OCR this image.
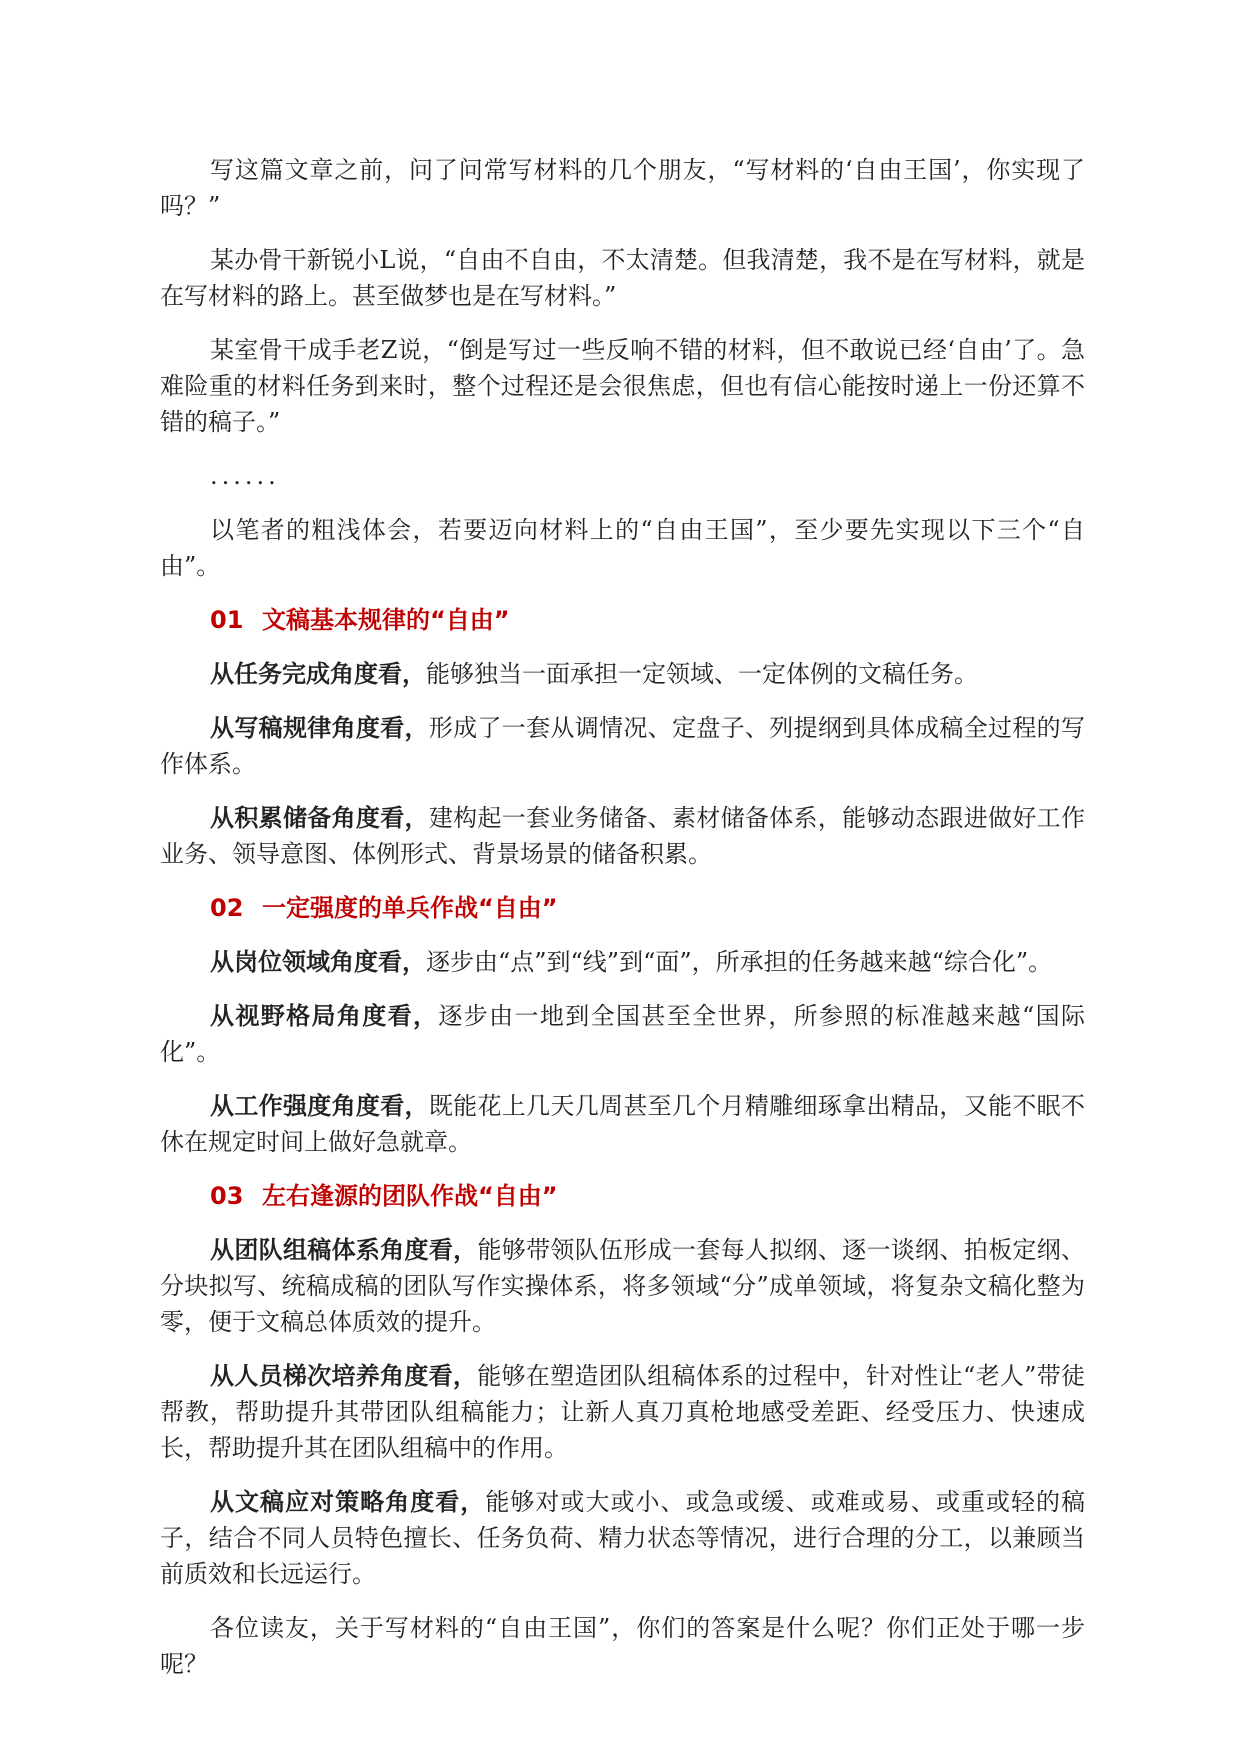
写这篇文章之前，问了问常写材料的几个朋友，“写材料的‘自由王国’，你实现了吗？”

某办骨干新锐小L说，“自由不自由，不太清楚。但我清楚，我不是在写材料，就是在写材料的路上。甚至做梦也是在写材料。”

某室骨干成手老Z说，“倒是写过一些反响不错的材料，但不敢说已经‘自由’了。急难险重的材料任务到来时，整个过程还是会很焦虑，但也有信心能按时递上一份还算不错的稿子。”

......

以笔者的粗浅体会，若要迈向材料上的“自由王国”，至少要先实现以下三个“自由”。

01 文稿基本规律的“自由”

从任务完成角度看，能够独当一面承担一定领域、一定体例的文稿任务。

从写稿规律角度看，形成了一套从调情况、定盘子、列提纲到具体成稿全过程的写作体系。

从积累储备角度看，建构起一套业务储备、素材储备体系，能够动态跟进做好工作业务、领导意图、体例形式、背景场景的储备积累。

02 一定强度的单兵作战“自由”

从岗位领域角度看，逐步由“点”到“线”到“面”，所承担的任务越来越“综合化”。

从视野格局角度看，逐步由一地到全国甚至全世界，所参照的标准越来越“国际化”。

从工作强度角度看，既能花上几天几周甚至几个月精雕细琢拿出精品，又能不眠不休在规定时间上做好急就章。

03 左右逢源的团队作战“自由”

从团队组稿体系角度看，能够带领队伍形成一套每人拟纲、逐一谈纲、拍板定纲、分块拟写、统稿成稿的团队写作实操体系，将多领域“分”成单领域，将复杂文稿化整为零，便于文稿总体质效的提升。

从人员梯次培养角度看，能够在塑造团队组稿体系的过程中，针对性让“老人”带徒帮教，帮助提升其带团队组稿能力；让新人真刀真枪地感受差距、经受压力、快速成长，帮助提升其在团队组稿中的作用。

从文稿应对策略角度看，能够对或大或小、或急或缓、或难或易、或重或轻的稿子，结合不同人员特色擅长、任务负荷、精力状态等情况，进行合理的分工，以兼顾当前质效和长远运行。

各位读友，关于写材料的“自由王国”，你们的答案是什么呢？你们正处于哪一步呢？
